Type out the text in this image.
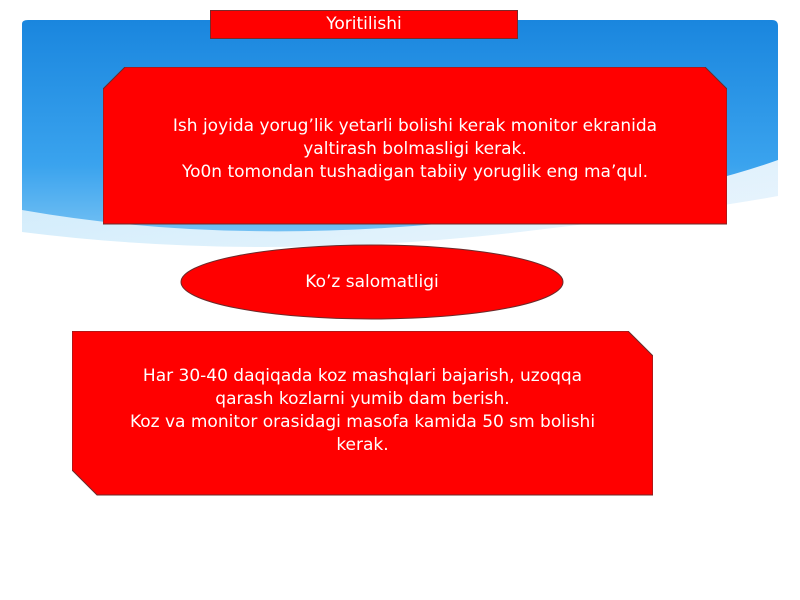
Yoritilishi
Ish joyida yorug’lik yetarli bolishi kerak monitor ekranida
yaltirash bolmasligi kerak.
Yo0n tomondan tushadigan tabiiy yoruglik eng ma’qul.
Ko’z salomatligi
Har 30-40 daqiqada koz mashqlari bajarish, uzoqqa
qarash kozlarni yumib dam berish.
Koz va monitor orasidagi masofa kamida 50 sm bolishi
kerak.
